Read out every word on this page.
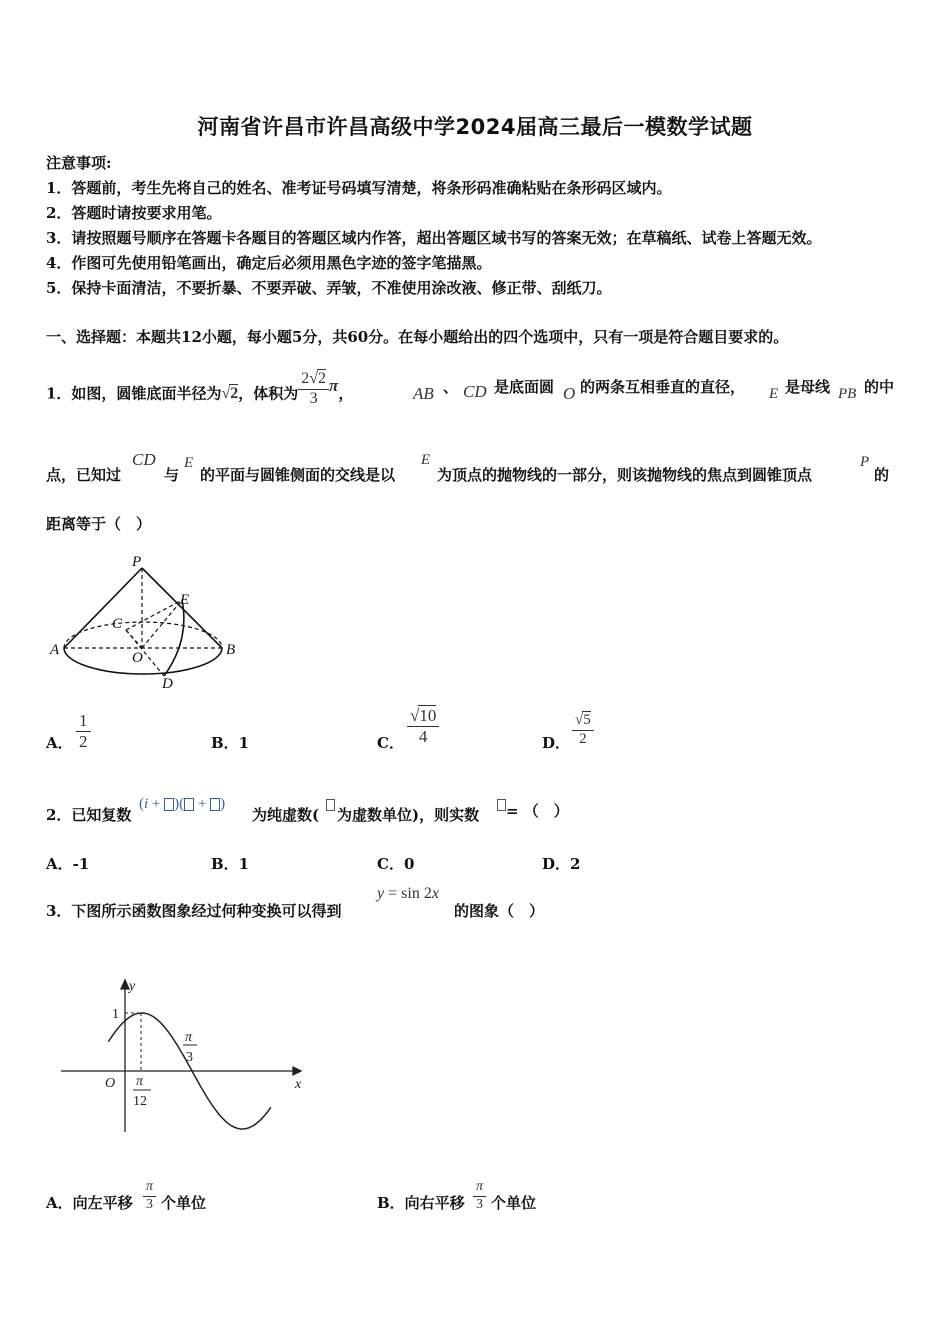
河南省许昌市许昌高级中学2024届高三最后一模数学试题
注意事项:
1．答题前，考生先将自己的姓名、准考证号码填写清楚，将条形码准确粘贴在条形码区域内。
2．答题时请按要求用笔。
3．请按照题号顺序在答题卡各题目的答题区域内作答，超出答题区域书写的答案无效；在草稿纸、试卷上答题无效。
4．作图可先使用铅笔画出，确定后必须用黑色字迹的签字笔描黑。
5．保持卡面清洁，不要折暴、不要弄破、弄皱，不准使用涂改液、修正带、刮纸刀。
一、选择题：本题共12小题，每小题5分，共60分。在每小题给出的四个选项中，只有一项是符合题目要求的。
1．如图，圆锥底面半径为√2，体积为 $\frac{2√2}{3}$ π，	AB 、 CD 是底面圆 O 的两条互相垂直的直径， E 是母线 PB 的中
点，已知过
CD
与
E
的平面与圆锥侧面的交线是以
E
为顶点的抛物线的一部分，则该抛物线的焦点到圆锥顶点
P
的
距离等于（　）
P
E
C
A	O	B
D
A． $\frac{1}{2}$	B．1	C． $\frac{√10}{4}$	D． $\frac{√5}{2}$
2．已知复数
(i + )( + )
为纯虚数( 为虚数单位)，则实数 = （　）
A．-1	B．1	C．0	D．2
3．下图所示函数图象经过何种变换可以得到
y = sin 2x
的图象（　）
y
x
O
1
π
12
π
3
A．向左平移 $\frac{\pi}{3}$ 个单位	B．向右平移 $\frac{\pi}{3}$ 个单位
